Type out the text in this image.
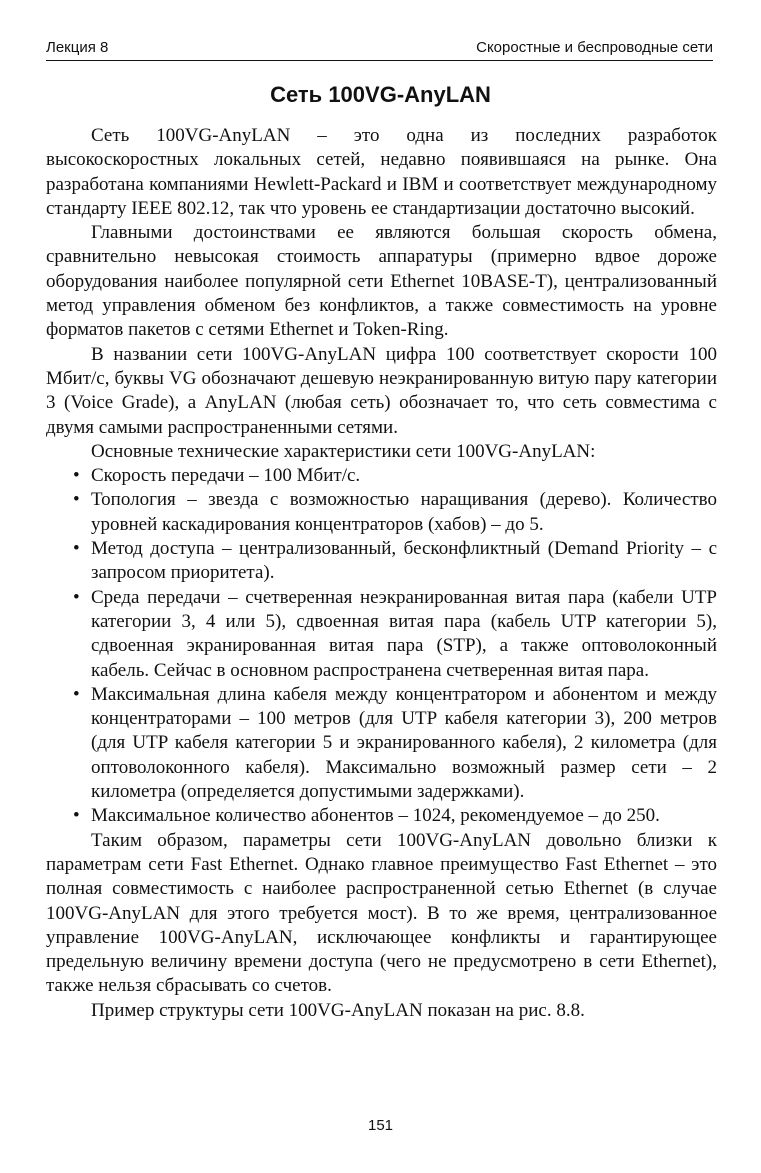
Лекция 8	Скоростные и беспроводные сети
Сеть 100VG-AnyLAN

Сеть 100VG-AnyLAN – это одна из последних разработок высокоскоростных локальных сетей, недавно появившаяся на рынке. Она разработана компаниями Hewlett-Packard и IBM и соответствует международному стандарту IEEE 802.12, так что уровень ее стандартизации достаточно высокий.

Главными достоинствами ее являются большая скорость обмена, сравнительно невысокая стоимость аппаратуры (примерно вдвое дороже оборудования наиболее популярной сети Ethernet 10BASE-T), централизованный метод управления обменом без конфликтов, а также совместимость на уровне форматов пакетов с сетями Ethernet и Token-Ring.

В названии сети 100VG-AnyLAN цифра 100 соответствует скорости 100 Мбит/с, буквы VG обозначают дешевую неэкранированную витую пару категории 3 (Voice Grade), а AnyLAN (любая сеть) обозначает то, что сеть совместима с двумя самыми распространенными сетями.

Основные технические характеристики сети 100VG-AnyLAN:

• Скорость передачи – 100 Мбит/с.
• Топология – звезда с возможностью наращивания (дерево). Количество уровней каскадирования концентраторов (хабов) – до 5.
• Метод доступа – централизованный, бесконфликтный (Demand Priority – с запросом приоритета).
• Среда передачи – счетверенная неэкранированная витая пара (кабели UTP категории 3, 4 или 5), сдвоенная витая пара (кабель UTP категории 5), сдвоенная экранированная витая пара (STP), а также оптоволоконный кабель. Сейчас в основном распространена счетверенная витая пара.
• Максимальная длина кабеля между концентратором и абонентом и между концентраторами – 100 метров (для UTP кабеля категории 3), 200 метров (для UTP кабеля категории 5 и экранированного кабеля), 2 километра (для оптоволоконного кабеля). Максимально возможный размер сети – 2 километра (определяется допустимыми задержками).
• Максимальное количество абонентов – 1024, рекомендуемое – до 250.

Таким образом, параметры сети 100VG-AnyLAN довольно близки к параметрам сети Fast Ethernet. Однако главное преимущество Fast Ethernet – это полная совместимость с наиболее распространенной сетью Ethernet (в случае 100VG-AnyLAN для этого требуется мост). В то же время, централизованное управление 100VG-AnyLAN, исключающее конфликты и гарантирующее предельную величину времени доступа (чего не предусмотрено в сети Ethernet), также нельзя сбрасывать со счетов.

Пример структуры сети 100VG-AnyLAN показан на рис. 8.8.

151
